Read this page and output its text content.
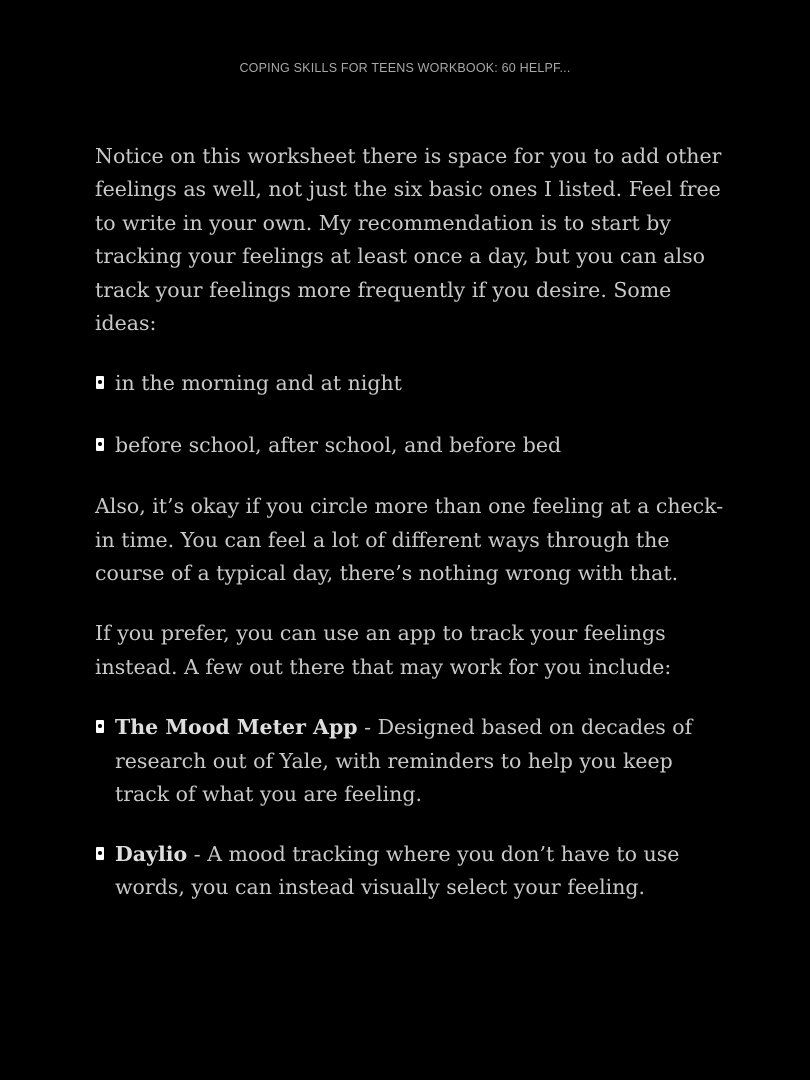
COPING SKILLS FOR TEENS WORKBOOK: 60 HELPF...

Notice on this worksheet there is space for you to add other feelings as well, not just the six basic ones I listed. Feel free to write in your own. My recommendation is to start by tracking your feelings at least once a day, but you can also track your feelings more frequently if you desire. Some ideas:

in the morning and at night
before school, after school, and before bed

Also, it’s okay if you circle more than one feeling at a check-in time. You can feel a lot of different ways through the course of a typical day, there’s nothing wrong with that.

If you prefer, you can use an app to track your feelings instead. A few out there that may work for you include:

The Mood Meter App - Designed based on decades of research out of Yale, with reminders to help you keep track of what you are feeling.
Daylio - A mood tracking where you don’t have to use words, you can instead visually select your feeling.
